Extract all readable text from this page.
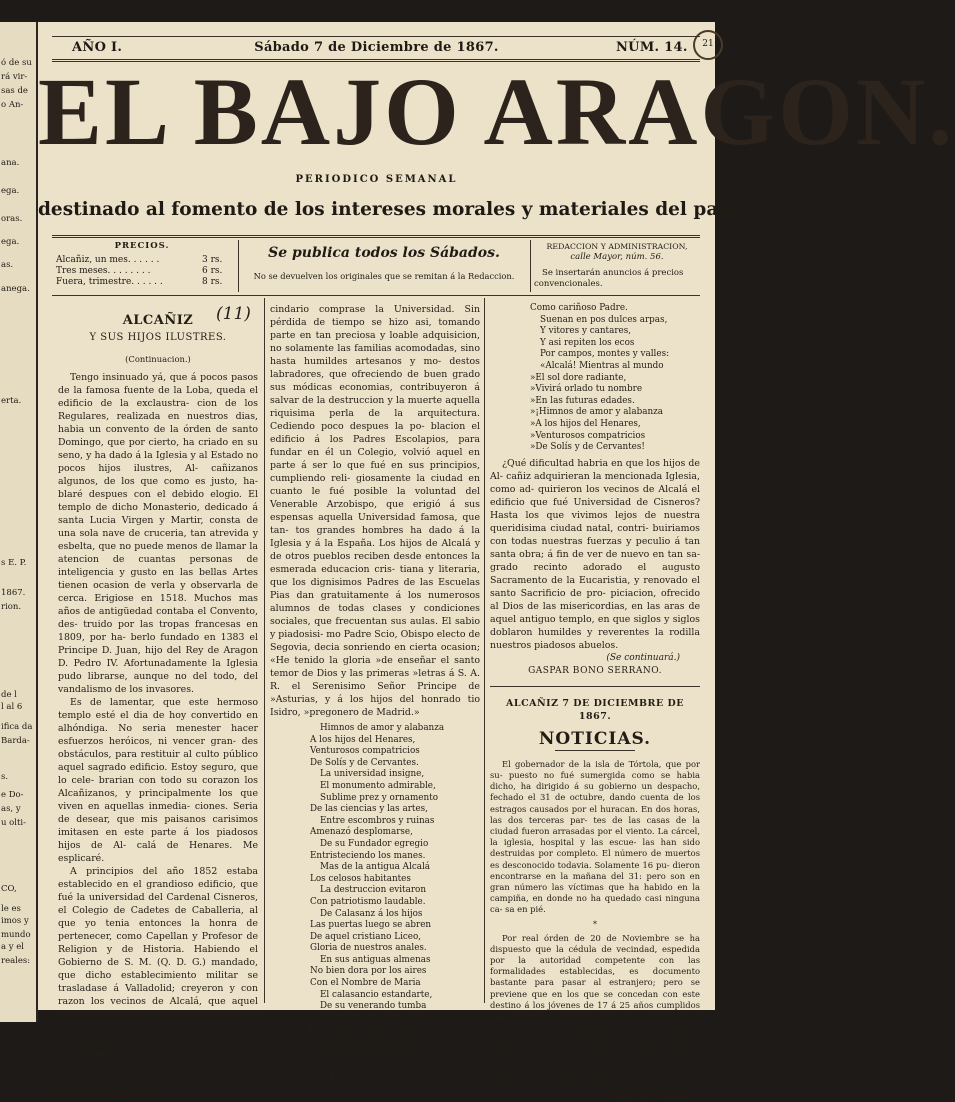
ó de su
rá vir-
sas de
o An-
ana.
ega.
oras.
ega.
as.
anega.
erta.
s E. P.
1867.
rion.
de l
l al 6
ifica da
Barda-
s.
e Do-
as, y
u olti-
CO,
le es
imos y
mundo
a y el
reales:
21
AÑO I.	Sábado 7 de Diciembre de 1867.	NÚM. 14.
EL BAJO ARAGON.
PERIODICO SEMANAL
destinado al fomento de los intereses morales y materiales del país.
PRECIOS.
Alcañiz, un mes. . . . . .	3 rs.
Tres meses. . . . . . . .	6 rs.
Fuera, trimestre. . . . . .	8 rs.
Se publica todos los Sábados.
No se devuelven los originales que se remitan á la Redaccion.
REDACCION Y ADMINISTRACION,
calle Mayor, núm. 56.
Se insertarán anuncios á precios
convencionales.
ALCAÑIZ	(11)
Y SUS HIJOS ILUSTRES.
(Continuacion.)

Tengo insinuado yá, que á pocos pasos de la famosa fuente de la Loba, queda el edificio de la exclaustra- cion de los Regulares, realizada en nuestros dias, habia un convento de la órden de santo Domingo, que por cierto, ha criado en su seno, y ha dado á la Iglesia y al Estado no pocos hijos ilustres, Al- cañizanos algunos, de los que como es justo, ha- blaré despues con el debido elogio. El templo de dicho Monasterio, dedicado á santa Lucia Virgen y Martir, consta de una sola nave de cruceria, tan atrevida y esbelta, que no puede menos de llamar la atencion de cuantas personas de inteligencia y gusto en las bellas Artes tienen ocasion de verla y observarla de cerca. Erigiose en 1518. Muchos mas años de antigüedad contaba el Convento, des- truido por las tropas francesas en 1809, por ha- berlo fundado en 1383 el Principe D. Juan, hijo del Rey de Aragon D. Pedro IV. Afortunadamente la Iglesia pudo librarse, aunque no del todo, del vandalismo de los invasores.

Es de lamentar, que este hermoso templo esté el dia de hoy convertido en alhóndiga. No seria menester hacer esfuerzos heróicos, ni vencer gran- des obstáculos, para restituir al culto público aquel sagrado edificio. Estoy seguro, que lo cele- brarian con todo su corazon los Alcañizanos, y principalmente los que viven en aquellas inmedia- ciones. Seria de desear, que mis paisanos carisimos imitasen en este parte á los piadosos hijos de Al- calá de Henares. Me esplicaré.

A principios del año 1852 estaba establecido en el grandioso edificio, que fué la universidad del Cardenal Cisneros, el Colegio de Cadetes de Caballeria, al que yo tenia entonces la honra de pertenecer, como Capellan y Profesor de Religion y de Historia. Habiendo el Gobierno de S. M. (Q. D. G.) mandado, que dicho establecimiento militar se trasladase á Valladolid; creyeron y con razon los vecinos de Alcalá, que aquel magnifico edificio se arruinaria dentro de pocos años, sino lo habitaba y cuidaba de él alguna Corporacion, ó personas particulares. A fin de evitar una ruina, se reunieron las Autoridades y vecinos influyentes de la ciudad y resolvieron unánimes, que el ve-

cindario comprase la Universidad. Sin pérdida de tiempo se hizo asi, tomando parte en tan preciosa y loable adquisicion, no solamente las familias acomodadas, sino hasta humildes artesanos y mo- destos labradores, que ofreciendo de buen grado sus módicas economias, contribuyeron á salvar de la destruccion y la muerte aquella riquisima perla de la arquitectura. Cediendo poco despues la po- blacion el edificio á los Padres Escolapios, para fundar en él un Colegio, volvió aquel en parte á ser lo que fué en sus principios, cumpliendo reli- giosamente la ciudad en cuanto le fué posible la voluntad del Venerable Arzobispo, que erigió á sus espensas aquella Universidad famosa, que tan- tos grandes hombres ha dado á la Iglesia y á la España. Los hijos de Alcalá y de otros pueblos reciben desde entonces la esmerada educacion cris- tiana y literaria, que los dignisimos Padres de las Escuelas Pias dan gratuitamente á los numerosos alumnos de todas clases y condiciones sociales, que frecuentan sus aulas. El sabio y piadosisi- mo Padre Scio, Obispo electo de Segovia, decia sonriendo en cierta ocasion; «He tenido la gloria »de enseñar el santo temor de Dios y las primeras »letras á S. A. R. el Serenisimo Señor Principe de »Asturias, y á los hijos del honrado tio Isidro, »pregonero de Madrid.»

Himnos de amor y alabanza
A los hijos del Henares,
Venturosos compatricios
De Solís y de Cervantes.
La universidad insigne,
El monumento admirable,
Sublime prez y ornamento
De las ciencias y las artes,
Entre escombros y ruinas
Amenazó desplomarse,
De su Fundador egregio
Entristeciendo los manes.
Mas de la antigua Alcalá
Los celosos habitantes
La destruccion evitaron
Con patriotismo laudable.
De Calasanz á los hijos
Las puertas luego se abren
De aquel cristiano Liceo,
Gloria de nuestros anales.
En sus antiguas almenas
No bien dora por los aires
Con el Nombre de Maria
El calasancio estandarte,
De su venerando tumba
La frente alzó venerable,
De eternos lauros ceñida,
Mas que el Héspero brillantes,
El respetable Cisneros;
Y con sonrisa inefable
A la poblacion bendijo,
Como cariñoso Padre.
Suenan en pos dulces arpas,
Y vitores y cantares,
Y asi repiten los ecos
Por campos, montes y valles:
«Alcalá! Mientras al mundo
»El sol dore radiante,
»Vivirá orlado tu nombre
»En las futuras edades.
»¡Himnos de amor y alabanza
»A los hijos del Henares,
»Venturosos compatricios
»De Solís y de Cervantes!

¿Qué dificultad habria en que los hijos de Al- cañiz adquirieran la mencionada Iglesia, como ad- quirieron los vecinos de Alcalá el edificio que fué Universidad de Cisneros? Hasta los que vivimos lejos de nuestra queridisima ciudad natal, contri- buiriamos con todas nuestras fuerzas y peculio á tan santa obra; á fin de ver de nuevo en tan sa- grado recinto adorado el augusto Sacramento de la Eucaristia, y renovado el santo Sacrificio de pro- piciacion, ofrecido al Dios de las misericordias, en las aras de aquel antiguo templo, en que siglos y siglos doblaron humildes y reverentes la rodilla nuestros piadosos abuelos.

(Se continuará.)
GASPAR BONO SERRANO.
ALCAÑIZ 7 DE DICIEMBRE DE 1867.
NOTICIAS.

El gobernador de la isla de Tórtola, que por su- puesto no fué sumergida como se habia dicho, ha dirigido á su gobierno un despacho, fechado el 31 de octubre, dando cuenta de los estragos causados por el huracan. En dos horas, las dos terceras par- tes de las casas de la ciudad fueron arrasadas por el viento. La cárcel, la iglesia, hospital y las escue- las han sido destruidas por completo. El número de muertos es desconocido todavia. Solamente 16 pu- dieron encontrarse en la mañana del 31: pero son en gran número las víctimas que ha habido en la campiña, en donde no ha quedado casi ninguna ca- sa en pié.

*

Por real órden de 20 de Noviembre se ha dispuesto que la cédula de vecindad, espedida por la autoridad competente con las formalidades establecidas, es documento bastante para pasar al estranjero; pero se previene que en los que se concedan con este destino á los jóvenes de 17 á 25 años cumplidos sea requisito indispensable que certifique al dorso de la misma cédula por la autoridad que se espidiere, que el interesado ha consignado el depósito de 800 es- cudos, ó prestado la fianza suficiente para responder de la suerte que pueda tocarle en el reemplazo del Ejército, ó que esté exento de toda responsabilidad.

(Lloyd de España.)
